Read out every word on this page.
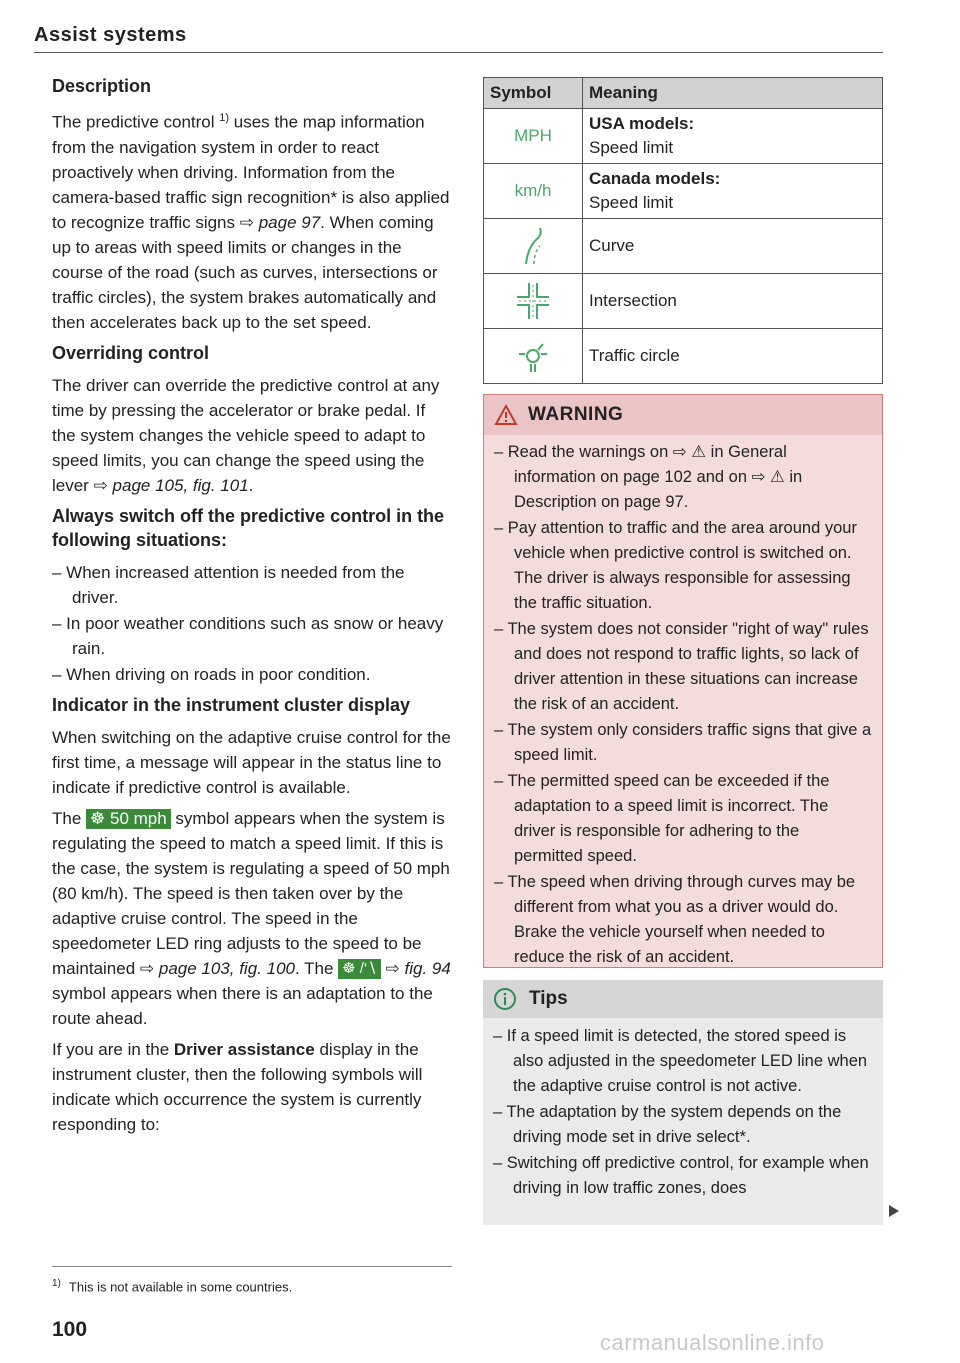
Assist systems
Description

The predictive control $^{1)}$ uses the map information from the navigation system in order to react proactively when driving. Information from the camera-based traffic sign recognition* is also applied to recognize traffic signs ⇨ page 97. When coming up to areas with speed limits or changes in the course of the road (such as curves, intersections or traffic circles), the system brakes automatically and then accelerates back up to the set speed.

Overriding control

The driver can override the predictive control at any time by pressing the accelerator or brake pedal. If the system changes the vehicle speed to adapt to speed limits, you can change the speed using the lever ⇨ page 105, fig. 101.

Always switch off the predictive control in the following situations:
– When increased attention is needed from the driver.
– In poor weather conditions such as snow or heavy rain.
– When driving on roads in poor condition.
Indicator in the instrument cluster display

When switching on the adaptive cruise control for the first time, a message will appear in the status line to indicate if predictive control is available.

The ☸ 50 mph symbol appears when the system is regulating the speed to match a speed limit. If this is the case, the system is regulating a speed of 50 mph (80 km/h). The speed is then taken over by the adaptive cruise control. The speed in the speedometer LED ring adjusts to the speed to be maintained ⇨ page 103, fig. 100. The ☸ /‘∖ ⇨ fig. 94 symbol appears when there is an adaptation to the route ahead.

If you are in the Driver assistance display in the instrument cluster, then the following symbols will indicate which occurrence the system is currently responding to:

$^{1)}$ This is not available in some countries.
100
Symbol	Meaning
MPH	USA models:
Speed limit

km/h	Canada models:
Speed limit

	Curve

	Intersection

	Traffic circle
WARNING
– Read the warnings on ⇨ ⚠ in General information on page 102 and on ⇨ ⚠ in Description on page 97.
– Pay attention to traffic and the area around your vehicle when predictive control is switched on. The driver is always responsible for assessing the traffic situation.
– The system does not consider "right of way" rules and does not respond to traffic lights, so lack of driver attention in these situations can increase the risk of an accident.
– The system only considers traffic signs that give a speed limit.
– The permitted speed can be exceeded if the adaptation to a speed limit is incorrect. The driver is responsible for adhering to the permitted speed.
– The speed when driving through curves may be different from what you as a driver would do. Brake the vehicle yourself when needed to reduce the risk of an accident.
Tips
– If a speed limit is detected, the stored speed is also adjusted in the speedometer LED line when the adaptive cruise control is not active.
– The adaptation by the system depends on the driving mode set in drive select*.
– Switching off predictive control, for example when driving in low traffic zones, does
carmanualsonline.info
